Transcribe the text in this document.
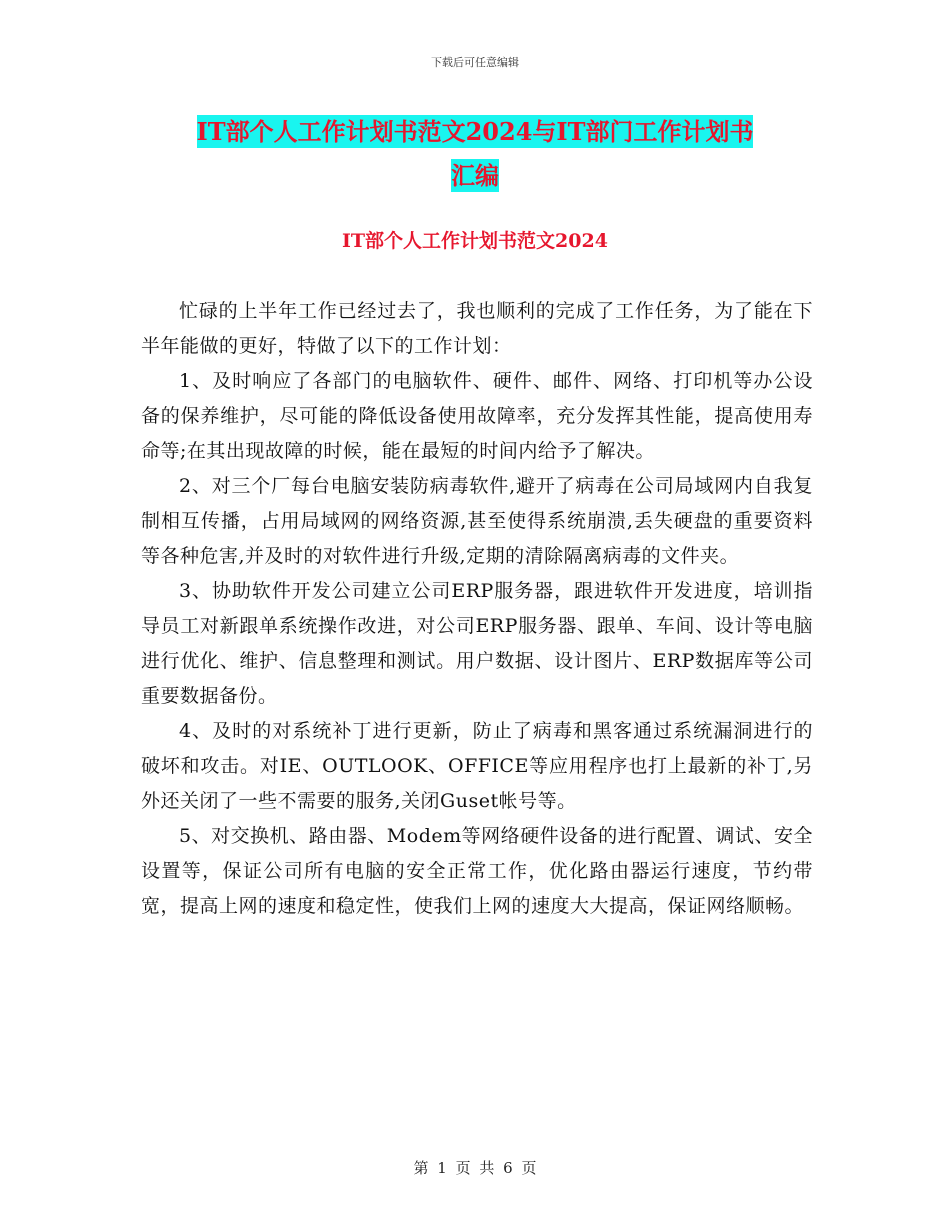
下载后可任意编辑
IT部个人工作计划书范文2024与IT部门工作计划书
汇编
IT部个人工作计划书范文2024

忙碌的上半年工作已经过去了，我也顺利的完成了工作任务，为了能在下半年能做的更好，特做了以下的工作计划：

1、及时响应了各部门的电脑软件、硬件、邮件、网络、打印机等办公设备的保养维护，尽可能的降低设备使用故障率，充分发挥其性能，提高使用寿命等;在其出现故障的时候，能在最短的时间内给予了解决。

2、对三个厂每台电脑安装防病毒软件,避开了病毒在公司局域网内自我复制相互传播，占用局域网的网络资源,甚至使得系统崩溃,丢失硬盘的重要资料等各种危害,并及时的对软件进行升级,定期的清除隔离病毒的文件夹。

3、协助软件开发公司建立公司ERP服务器，跟进软件开发进度，培训指导员工对新跟单系统操作改进，对公司ERP服务器、跟单、车间、设计等电脑进行优化、维护、信息整理和测试。用户数据、设计图片、ERP数据库等公司重要数据备份。

4、及时的对系统补丁进行更新，防止了病毒和黑客通过系统漏洞进行的破坏和攻击。对IE、OUTLOOK、OFFICE等应用程序也打上最新的补丁,另外还关闭了一些不需要的服务,关闭Guset帐号等。

5、对交换机、路由器、Modem等网络硬件设备的进行配置、调试、安全设置等，保证公司所有电脑的安全正常工作，优化路由器运行速度，节约带宽，提高上网的速度和稳定性，使我们上网的速度大大提高，保证网络顺畅。

第 1 页 共 6 页
